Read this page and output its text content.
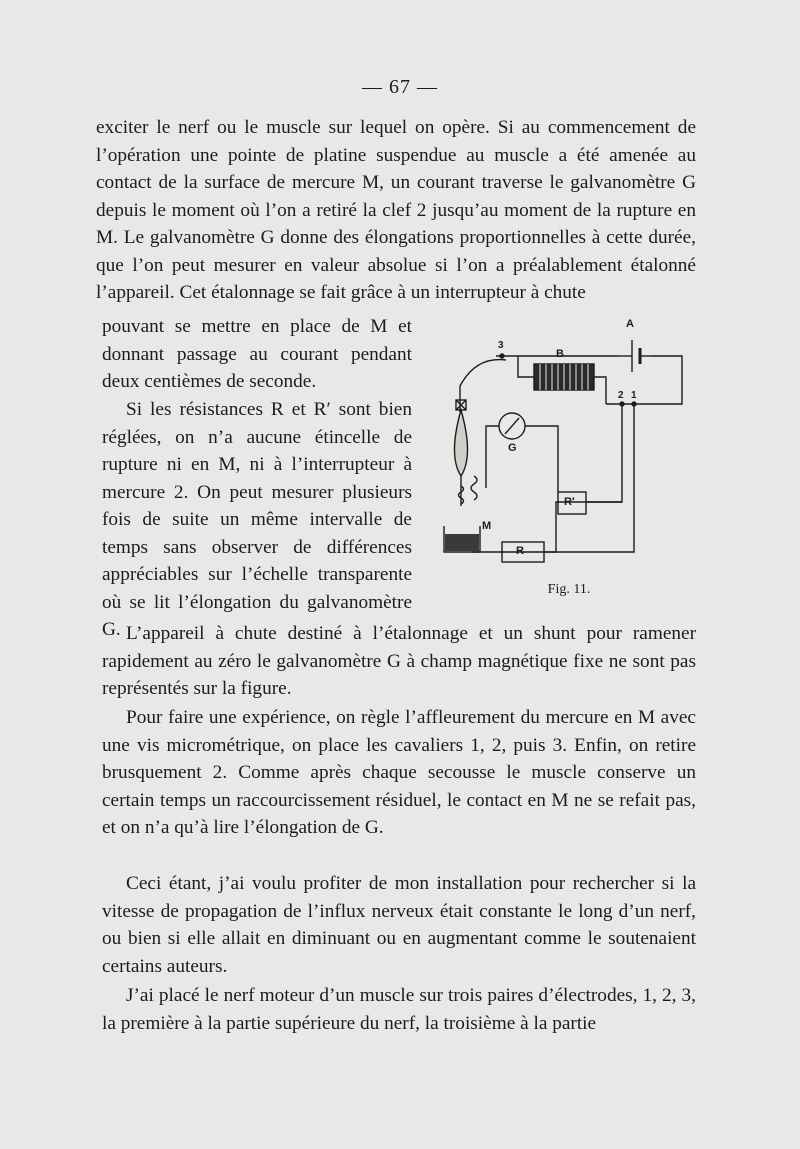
— 67 —

exciter le nerf ou le muscle sur lequel on opère. Si au commencement de l’opération une pointe de platine suspendue au muscle a été amenée au contact de la surface de mercure M, un courant traverse le galvanomètre G depuis le moment où l’on a retiré la clef 2 jusqu’au moment de la rupture en M. Le galvanomètre G donne des élongations proportionnelles à cette durée, que l’on peut mesurer en valeur absolue si l’on a préalablement étalonné l’appareil. Cet étalonnage se fait grâce à un interrupteur à chute

pouvant se mettre en place de M et donnant passage au courant pendant deux centièmes de seconde.

Si les résistances R et R′ sont bien réglées, on n’a aucune étincelle de rupture ni en M, ni à l’interrupteur à mercure 2. On peut mesurer plusieurs fois de suite un même intervalle de temps sans observer de différences appréciables sur l’échelle transparente où se lit l’élongation du galvanomètre G. L’appareil à chute destiné à l’étalonnage et un shunt pour ramener rapidement au zéro le galvanomètre G à champ magnétique fixe ne sont pas représentés sur la figure.

Pour faire une expérience, on règle l’affleurement du mercure en M avec une vis micrométrique, on place les cavaliers 1, 2, puis 3. Enfin, on retire brusquement 2. Comme après chaque secousse le muscle conserve un certain temps un raccourcissement résiduel, le contact en M ne se refait pas, et on n’a qu’à lire l’élongation de G.

Ceci étant, j’ai voulu profiter de mon installation pour rechercher si la vitesse de propagation de l’influx nerveux était constante le long d’un nerf, ou bien si elle allait en diminuant ou en augmentant comme le soutenaient certains auteurs.

J’ai placé le nerf moteur d’un muscle sur trois paires d’électrodes, 1, 2, 3, la première à la partie supérieure du nerf, la troisième à la partie

A
B
3
2 1
G
M
R′
R
Fig. 11.
